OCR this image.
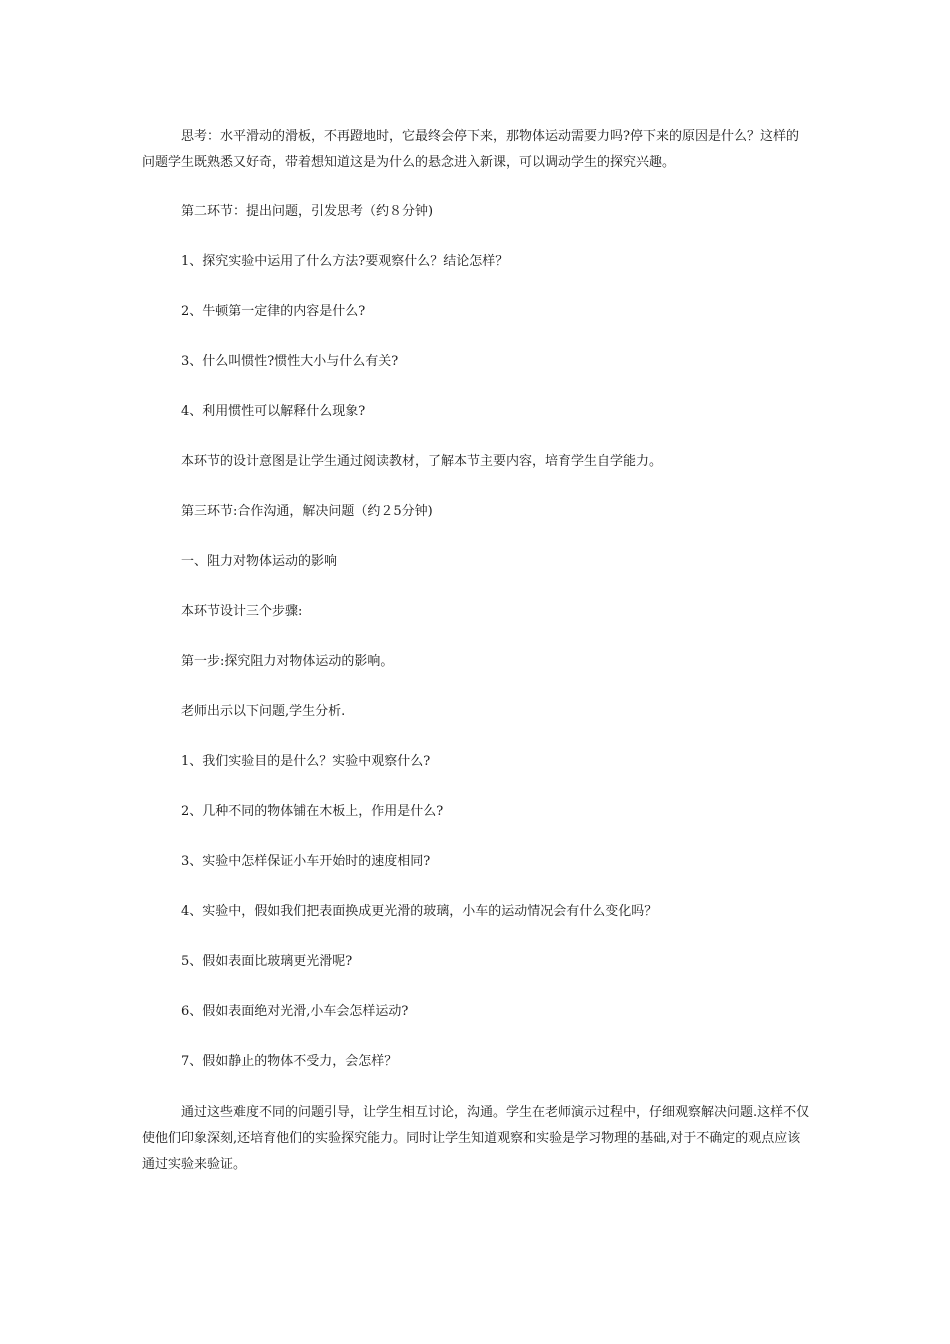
思考：水平滑动的滑板，不再蹬地时，它最终会停下来，那物体运动需要力吗?停下来的原因是什么？这样的问题学生既熟悉又好奇，带着想知道这是为什么的悬念进入新课，可以调动学生的探究兴趣。

第二环节：提出问题，引发思考（约８分钟)

1、探究实验中运用了什么方法?要观察什么？结论怎样？

2、牛顿第一定律的内容是什么?

3、什么叫惯性?惯性大小与什么有关?

4、利用惯性可以解释什么现象?

本环节的设计意图是让学生通过阅读教材，了解本节主要内容，培育学生自学能力。

第三环节:合作沟通，解决问题（约２5分钟)

一、阻力对物体运动的影响

本环节设计三个步骤:

第一步:探究阻力对物体运动的影响。

老师出示以下问题,学生分析.

1、我们实验目的是什么？实验中观察什么?

2、几种不同的物体铺在木板上，作用是什么?

3、实验中怎样保证小车开始时的速度相同?

4、实验中，假如我们把表面换成更光滑的玻璃，小车的运动情况会有什么变化吗？

5、假如表面比玻璃更光滑呢?

6、假如表面绝对光滑,小车会怎样运动?

7、假如静止的物体不受力，会怎样？

通过这些难度不同的问题引导，让学生相互讨论，沟通。学生在老师演示过程中，仔细观察解决问题.这样不仅使他们印象深刻,还培育他们的实验探究能力。同时让学生知道观察和实验是学习物理的基础,对于不确定的观点应该通过实验来验证。
